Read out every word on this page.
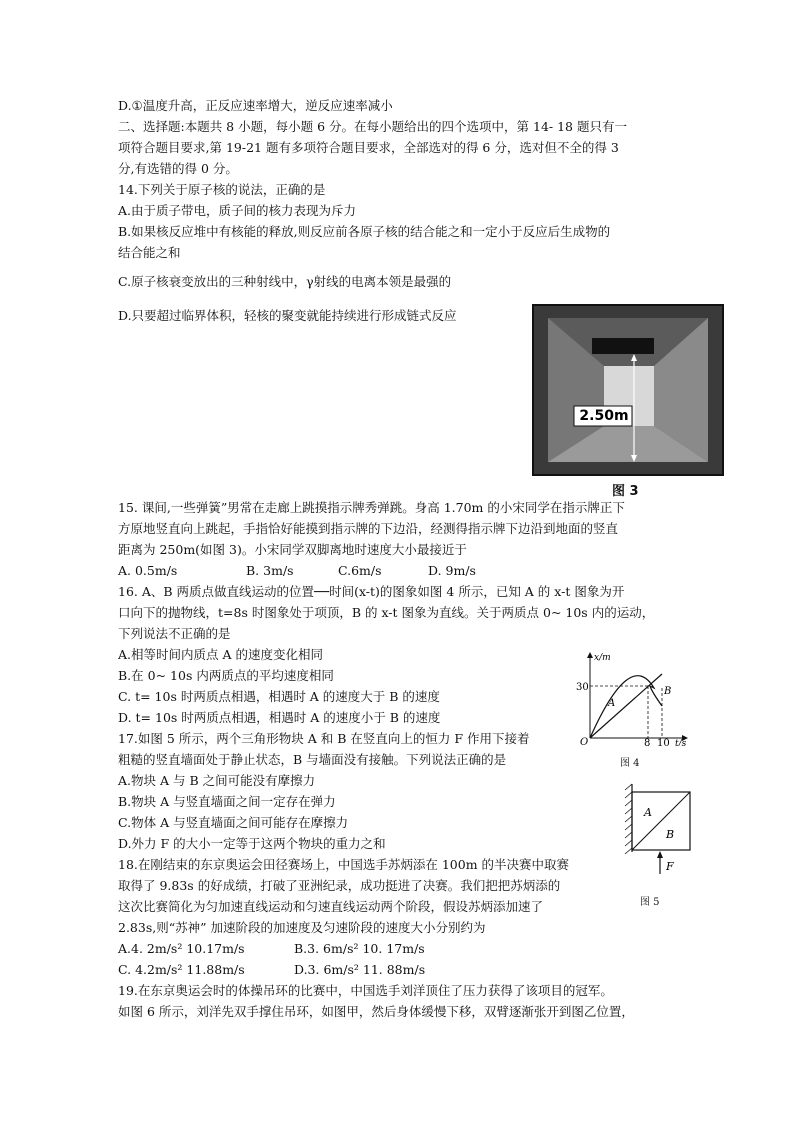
D.①温度升高，正反应速率增大，逆反应速率减小
二、选择题:本题共 8 小题，每小题 6 分。在每小题给出的四个选项中，第 14- 18 题只有一
项符合题目要求,第 19-21 题有多项符合题目要求，全部选对的得 6 分，选对但不全的得 3
分,有选错的得 0 分。
14.下列关于原子核的说法，正确的是
A.由于质子带电，质子间的核力表现为斥力
B.如果核反应堆中有核能的释放,则反应前各原子核的结合能之和一定小于反应后生成物的
结合能之和
C.原子核衰变放出的三种射线中，γ射线的电离本领是最强的
D.只要超过临界体积，轻核的聚变就能持续进行形成链式反应
2.50m
图 3
15. 课间,一些弹簧”男常在走廊上跳摸指示牌秀弹跳。身高 1.70m 的小宋同学在指示牌正下
方原地竖直向上跳起，手指恰好能摸到指示牌的下边沿，经测得指示牌下边沿到地面的竖直
距离为 250m(如图 3)。小宋同学双脚离地时速度大小最接近于
A. 0.5m/s	B. 3m/s	C.6m/s	D. 9m/s
16. A、B 两质点做直线运动的位置──时间(x-t)的图象如图 4 所示，已知 A 的 x-t 图象为开
口向下的抛物线，t=8s 时图象处于项顶，B 的 x-t 图象为直线。关于两质点 0~ 10s 内的运动，
下列说法不正确的是
A.相等时间内质点 A 的速度变化相同
B.在 0~ 10s 内两质点的平均速度相同
C. t= 10s 时两质点相遇，相遇时 A 的速度大于 B 的速度
D. t= 10s 时两质点相遇，相遇时 A 的速度小于 B 的速度
x/m
30
O	8 10 t/s
A
B
图 4
17.如图 5 所示，两个三角形物块 A 和 B 在竖直向上的恒力 F 作用下接着
粗糙的竖直墙面处于静止状态，B 与墙面没有接触。下列说法正确的是
A.物块 A 与 B 之间可能没有摩擦力
B.物块 A 与竖直墙面之间一定存在弹力
C.物体 A 与竖直墙面之间可能存在摩擦力
D.外力 F 的大小一定等于这两个物块的重力之和
A
B
F
图 5
18.在刚结束的东京奥运会田径赛场上，中国选手苏炳添在 100m 的半决赛中取赛
取得了 9.83s 的好成绩，打破了亚洲纪录，成功挺进了决赛。我们把把苏炳添的
这次比赛简化为匀加速直线运动和匀速直线运动两个阶段，假设苏炳添加速了
2.83s,则“苏神” 加速阶段的加速度及匀速阶段的速度大小分别约为
A.4. 2m/s² 10.17m/s	B.3. 6m/s² 10. 17m/s
C. 4.2m/s² 11.88m/s	D.3. 6m/s² 11. 88m/s
19.在东京奥运会时的体操吊环的比赛中，中国选手刘洋顶住了压力获得了该项目的冠军。
如图 6 所示，刘洋先双手撑住吊环，如图甲，然后身体缓慢下移，双臂逐渐张开到图乙位置，
